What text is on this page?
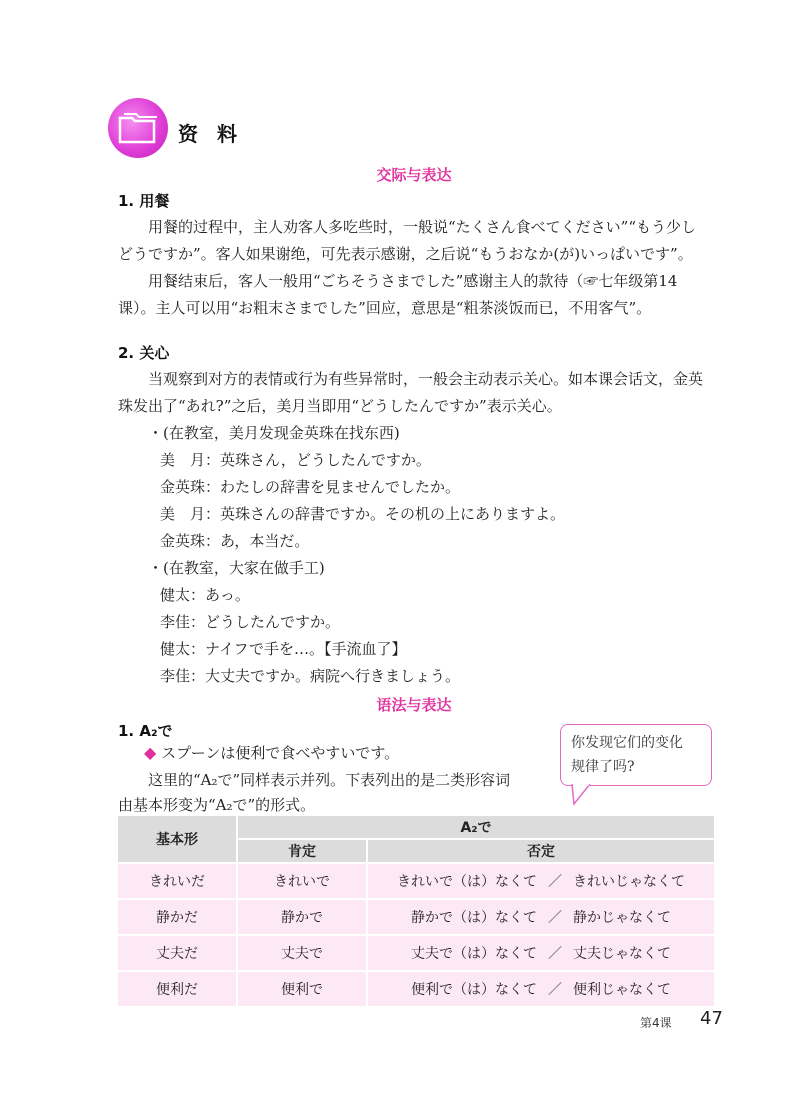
资 料
交际与表达
1. 用餐
用餐的过程中，主人劝客人多吃些时，一般说“たくさん食べてください”“もう少し
どうですか”。客人如果谢绝，可先表示感谢，之后说“もうおなか(が)いっぱいです”。
用餐结束后，客人一般用“ごちそうさまでした”感谢主人的款待（☞七年级第14
课）。主人可以用“お粗末さまでした”回应，意思是“粗茶淡饭而已，不用客气”。
2. 关心
当观察到对方的表情或行为有些异常时，一般会主动表示关心。如本课会话文，金英
珠发出了“あれ?”之后，美月当即用“どうしたんですか”表示关心。
・(在教室，美月发现金英珠在找东西)
美　月：英珠さん，どうしたんですか。
金英珠：わたしの辞書を見ませんでしたか。
美　月：英珠さんの辞書ですか。その机の上にありますよ。
金英珠：あ，本当だ。
・(在教室，大家在做手工)
健太：あっ。
李佳：どうしたんですか。
健太：ナイフで手を…。【手流血了】
李佳：大丈夫ですか。病院へ行きましょう。
语法与表达
1. A₂で
◆ スプーンは便利で食べやすいです。
这里的“A₂で”同样表示并列。下表列出的是二类形容词
由基本形变为“A₂で”的形式。
你发现它们的变化
规律了吗?
基本形	A₂で	
	肯定	否定
きれいだ	きれいで	きれいで（は）なくて ／ きれいじゃなくて
静かだ	静かで	静かで（は）なくて ／ 静かじゃなくて
丈夫だ	丈夫で	丈夫で（は）なくて ／ 丈夫じゃなくて
便利だ	便利で	便利で（は）なくて ／ 便利じゃなくて
第4课 47
